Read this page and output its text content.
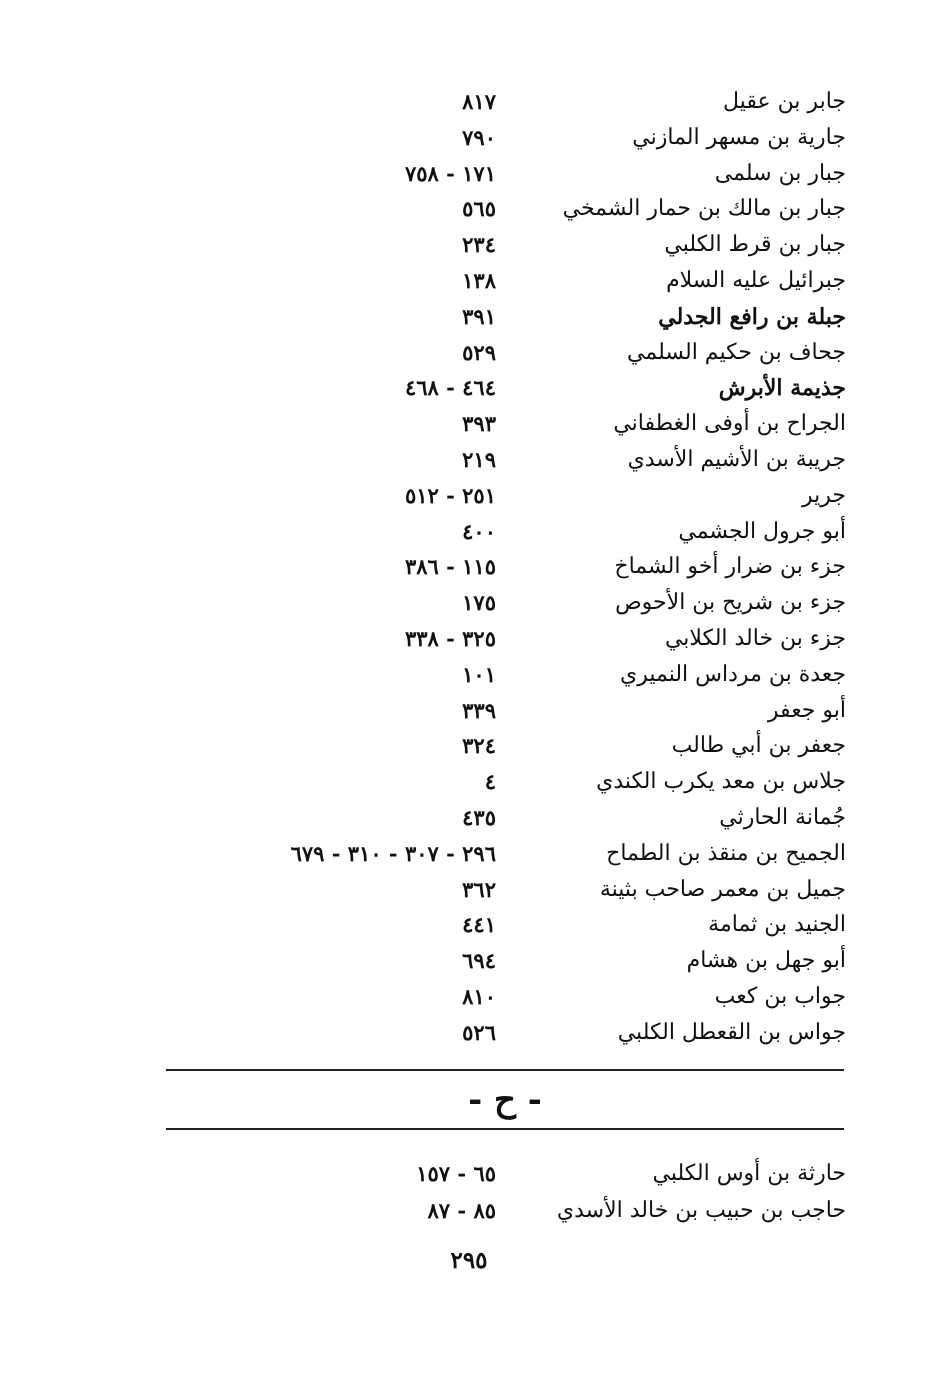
جابر بن عقيل
٨١٧
جارية بن مسهر المازني
٧٩٠
جبار بن سلمى
١٧١ - ٧٥٨
جبار بن مالك بن حمار الشمخي
٥٦٥
جبار بن قرط الكلبي
٢٣٤
جبرائيل عليه السلام
١٣٨
جبلة بن رافع الجدلي
٣٩١
جحاف بن حكيم السلمي
٥٢٩
جذيمة الأبرش
٤٦٤ - ٤٦٨
الجراح بن أوفى الغطفاني
٣٩٣
جريبة بن الأشيم الأسدي
٢١٩
جرير
٢٥١ - ٥١٢
أبو جرول الجشمي
٤٠٠
جزء بن ضرار أخو الشماخ
١١٥ - ٣٨٦
جزء بن شريح بن الأحوص
١٧٥
جزء بن خالد الكلابي
٣٢٥ - ٣٣٨
جعدة بن مرداس النميري
١٠١
أبو جعفر
٣٣٩
جعفر بن أبي طالب
٣٢٤
جلاس بن معد يكرب الكندي
٤
جُمانة الحارثي
٤٣٥
الجميح بن منقذ بن الطماح
٢٩٦ - ٣٠٧ - ٣١٠ - ٦٧٩
جميل بن معمر صاحب بثينة
٣٦٢
الجنيد بن ثمامة
٤٤١
أبو جهل بن هشام
٦٩٤
جواب بن كعب
٨١٠
جواس بن القعطل الكلبي
٥٢٦
- ح -
حارثة بن أوس الكلبي
٦٥ - ١٥٧
حاجب بن حبيب بن خالد الأسدي
٨٥ - ٨٧
٢٩٥
